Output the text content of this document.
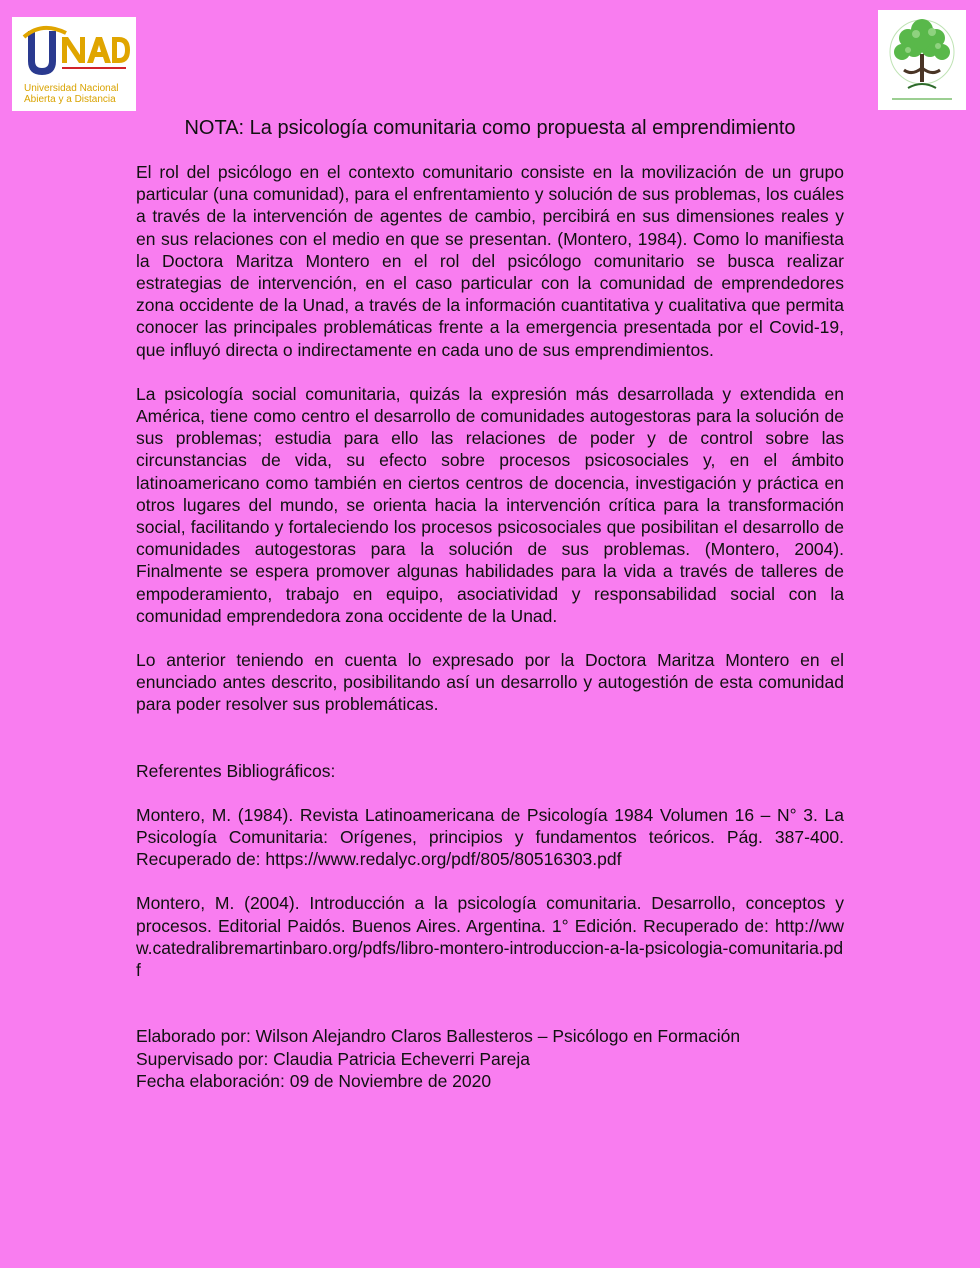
Universidad Nacional
Abierta y a Distancia
NOTA: La psicología comunitaria como propuesta al emprendimiento

El rol del psicólogo en el contexto comunitario consiste en la movilización de un grupo particular (una comunidad), para el enfrentamiento y solución de sus problemas, los cuáles a través de la intervención de agentes de cambio, percibirá en sus dimensiones reales y en sus relaciones con el medio en que se presentan. (Montero, 1984). Como lo manifiesta la Doctora Maritza Montero en el rol del psicólogo comunitario se busca realizar estrategias de intervención, en el caso particular con la comunidad de emprendedores zona occidente de la Unad, a través de la información cuantitativa y cualitativa que permita conocer las principales problemáticas frente a la emergencia presentada por el Covid-19, que influyó directa o indirectamente en cada uno de sus emprendimientos.

La psicología social comunitaria, quizás la expresión más desarrollada y extendida en América, tiene como centro el desarrollo de comunidades autogestoras para la solución de sus problemas; estudia para ello las relaciones de poder y de control sobre las circunstancias de vida, su efecto sobre procesos psicosociales y, en el ámbito latinoamericano como también en ciertos centros de docencia, investigación y práctica en otros lugares del mundo, se orienta hacia la intervención crítica para la transformación social, facilitando y fortaleciendo los procesos psicosociales que posibilitan el desarrollo de comunidades autogestoras para la solución de sus problemas. (Montero, 2004). Finalmente se espera promover algunas habilidades para la vida a través de talleres de empoderamiento, trabajo en equipo, asociatividad y responsabilidad social con la comunidad emprendedora zona occidente de la Unad.

Lo anterior teniendo en cuenta lo expresado por la Doctora Maritza Montero en el enunciado antes descrito, posibilitando así un desarrollo y autogestión de esta comunidad para poder resolver sus problemáticas.

Referentes Bibliográficos:

Montero, M. (1984). Revista Latinoamericana de Psicología 1984 Volumen 16 – N° 3. La Psicología Comunitaria: Orígenes, principios y fundamentos teóricos. Pág. 387-400. Recuperado de: https://www.redalyc.org/pdf/805/80516303.pdf

Montero, M. (2004). Introducción a la psicología comunitaria. Desarrollo, conceptos y procesos. Editorial Paidós. Buenos Aires. Argentina. 1° Edición. Recuperado de: http://www.catedralibremartinbaro.org/pdfs/libro-montero-introduccion-a-la-psicologia-comunitaria.pdf

Elaborado por: Wilson Alejandro Claros Ballesteros – Psicólogo en Formación

Supervisado por: Claudia Patricia Echeverri Pareja

Fecha elaboración: 09 de Noviembre de 2020
